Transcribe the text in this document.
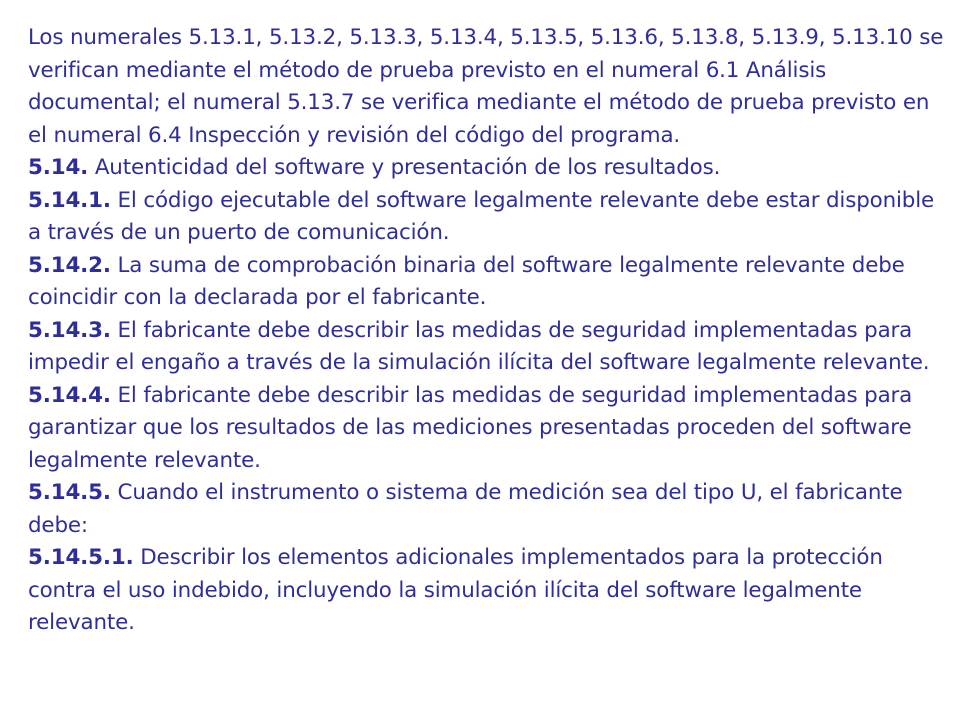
Los numerales 5.13.1, 5.13.2, 5.13.3, 5.13.4, 5.13.5, 5.13.6, 5.13.8, 5.13.9, 5.13.10 se verifican mediante el método de prueba previsto en el numeral 6.1 Análisis documental; el numeral 5.13.7 se verifica mediante el método de prueba previsto en el numeral 6.4 Inspección y revisión del código del programa.

5.14. Autenticidad del software y presentación de los resultados.

5.14.1. El código ejecutable del software legalmente relevante debe estar disponible a través de un puerto de comunicación.

5.14.2. La suma de comprobación binaria del software legalmente relevante debe coincidir con la declarada por el fabricante.

5.14.3. El fabricante debe describir las medidas de seguridad implementadas para impedir el engaño a través de la simulación ilícita del software legalmente relevante.

5.14.4. El fabricante debe describir las medidas de seguridad implementadas para garantizar que los resultados de las mediciones presentadas proceden del software legalmente relevante.

5.14.5. Cuando el instrumento o sistema de medición sea del tipo U, el fabricante debe:

5.14.5.1. Describir los elementos adicionales implementados para la protección contra el uso indebido, incluyendo la simulación ilícita del software legalmente relevante.
